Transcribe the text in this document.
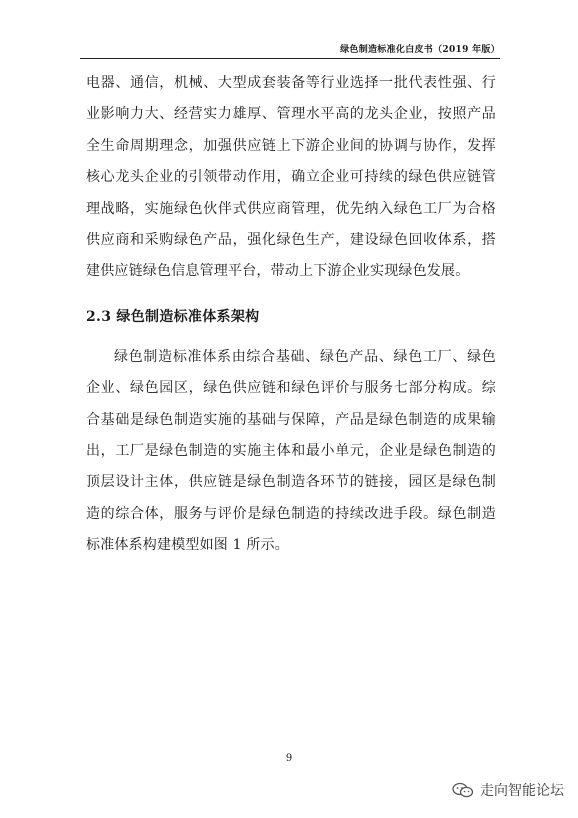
绿色制造标准化白皮书（2019 年版）

电器、通信，机械、大型成套装备等行业选择一批代表性强、行业影响力大、经营实力雄厚、管理水平高的龙头企业，按照产品全生命周期理念，加强供应链上下游企业间的协调与协作，发挥核心龙头企业的引领带动作用，确立企业可持续的绿色供应链管理战略，实施绿色伙伴式供应商管理，优先纳入绿色工厂为合格供应商和采购绿色产品，强化绿色生产，建设绿色回收体系，搭建供应链绿色信息管理平台，带动上下游企业实现绿色发展。

2.3 绿色制造标准体系架构

绿色制造标准体系由综合基础、绿色产品、绿色工厂、绿色企业、绿色园区，绿色供应链和绿色评价与服务七部分构成。综合基础是绿色制造实施的基础与保障，产品是绿色制造的成果输出，工厂是绿色制造的实施主体和最小单元，企业是绿色制造的顶层设计主体，供应链是绿色制造各环节的链接，园区是绿色制造的综合体，服务与评价是绿色制造的持续改进手段。绿色制造标准体系构建模型如图 1 所示。

9
走向智能论坛
